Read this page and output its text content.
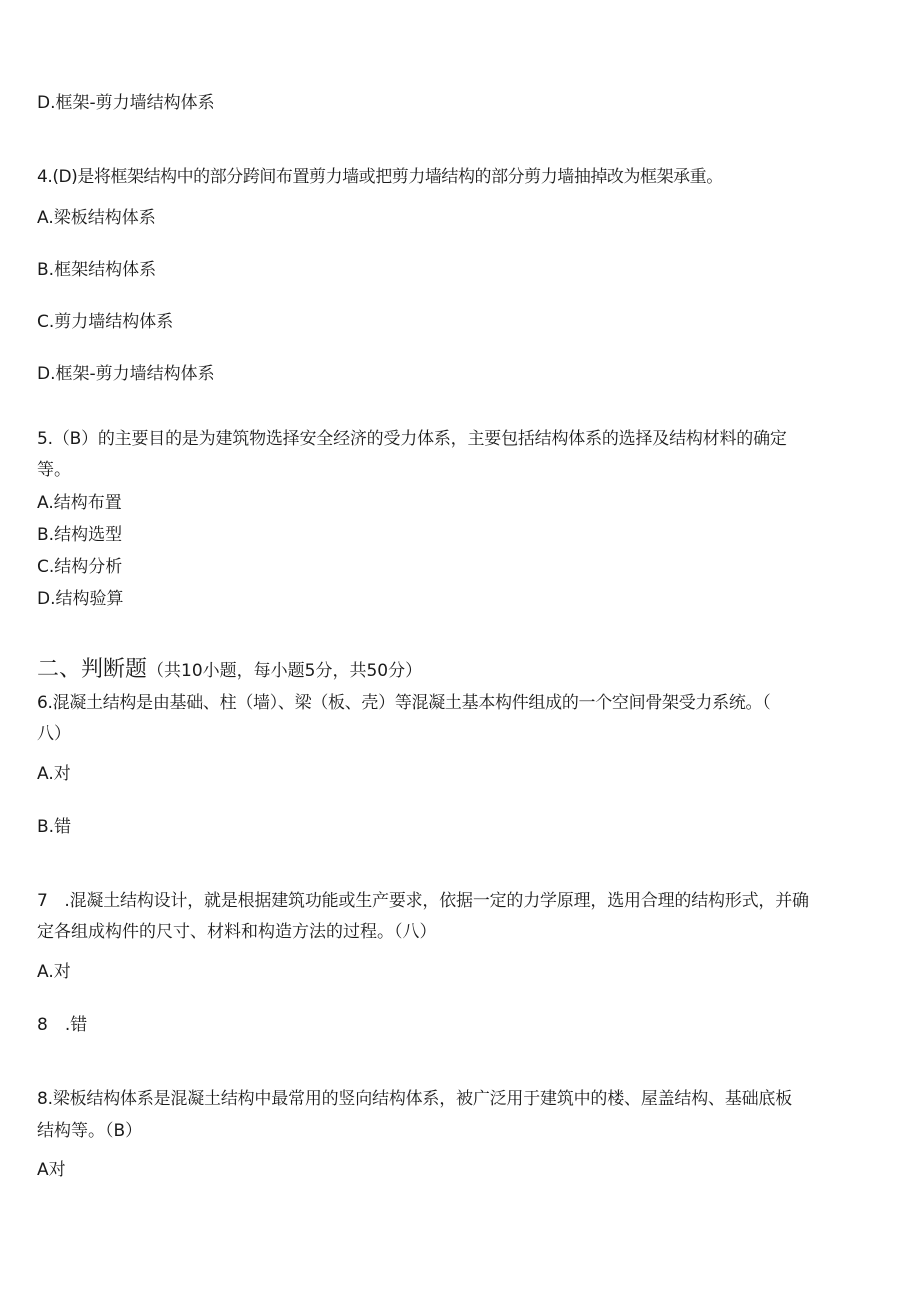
D.框架-剪力墙结构体系
4.(D)是将框架结构中的部分跨间布置剪力墙或把剪力墙结构的部分剪力墙抽掉改为框架承重。
A.梁板结构体系
B.框架结构体系
C.剪力墙结构体系
D.框架-剪力墙结构体系
5.（B）的主要目的是为建筑物选择安全经济的受力体系，主要包括结构体系的选择及结构材料的确定
等。
A.结构布置
B.结构选型
C.结构分析
D.结构验算
二、判断题（共10小题，每小题5分，共50分）
6.混凝土结构是由基础、柱（墙）、梁（板、壳）等混凝土基本构件组成的一个空间骨架受力系统。（
八）
A.对
B.错
7　.混凝土结构设计，就是根据建筑功能或生产要求，依据一定的力学原理，选用合理的结构形式，并确
定各组成构件的尺寸、材料和构造方法的过程。（八）
A.对
8　.错
8.梁板结构体系是混凝土结构中最常用的竖向结构体系，被广泛用于建筑中的楼、屋盖结构、基础底板
结构等。（B）
A对
